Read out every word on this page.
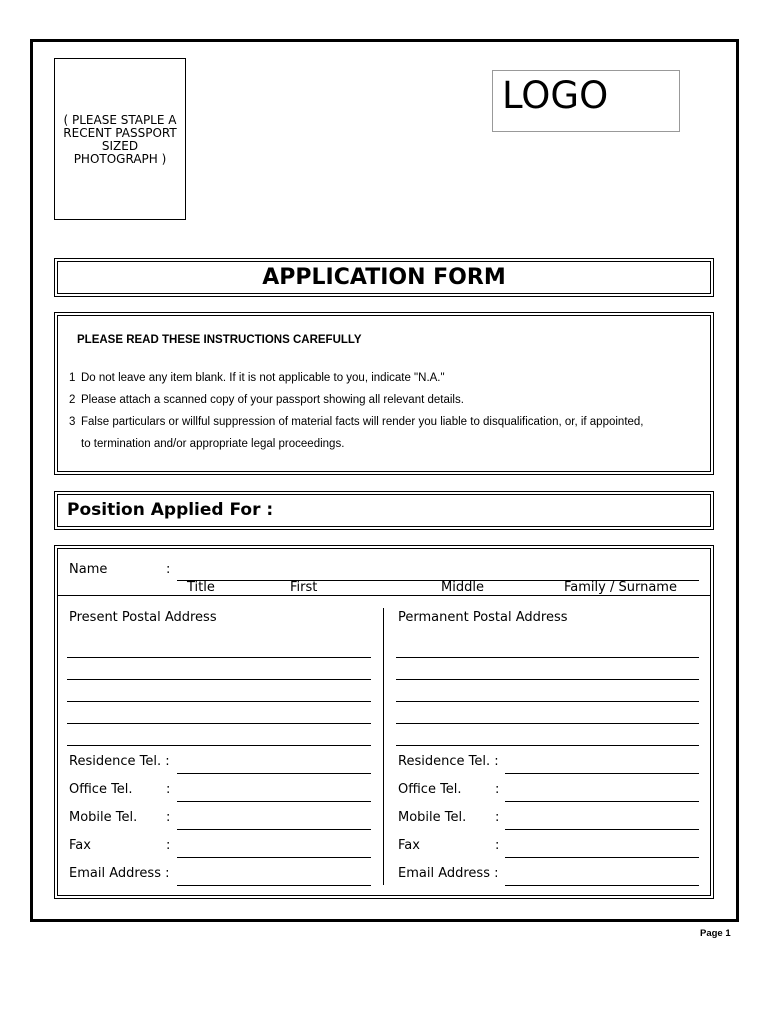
( PLEASE STAPLE A RECENT PASSPORT SIZED PHOTOGRAPH )
LOGO
APPLICATION FORM
PLEASE READ THESE INSTRUCTIONS CAREFULLY
1 Do not leave any item blank. If it is not applicable to you, indicate "N.A."
2 Please attach a scanned copy of your passport showing all relevant details.
3 False particulars or willful suppression of material facts will render you liable to disqualification, or, if appointed,
to termination and/or appropriate legal proceedings.
Position Applied For :
Name	:
Title	First	Middle	Family / Surname
Present Postal Address
Residence Tel. :
Office Tel.	:
Mobile Tel. :
Fax	:
Email Address :
Permanent Postal Address
Residence Tel. :
Office Tel.	:
Mobile Tel. :
Fax	:
Email Address :
Page 1
